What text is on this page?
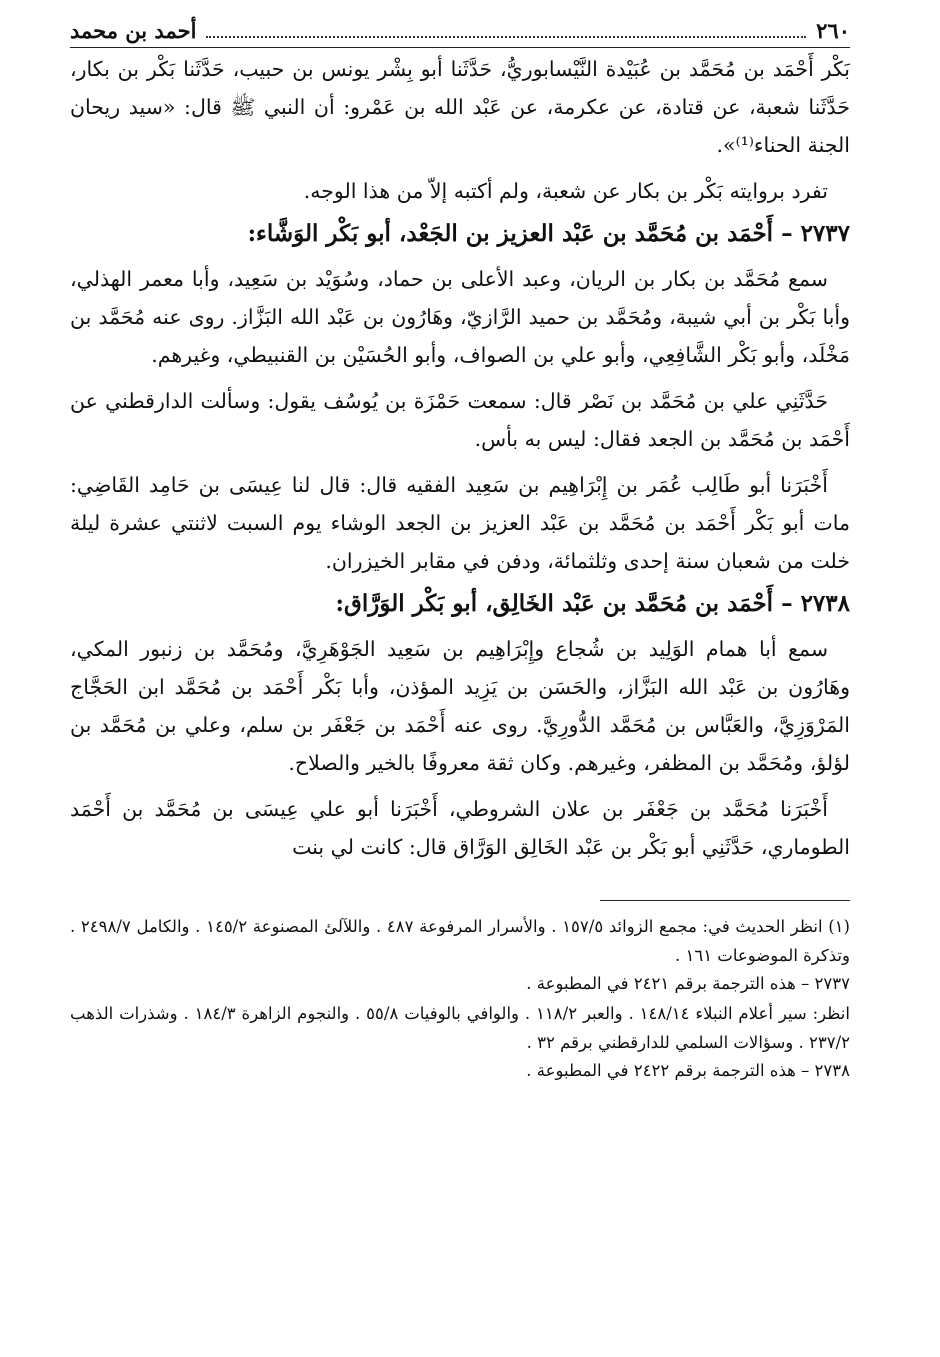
٢٦٠
أحمد بن محمد

بَكْر أَحْمَد بن مُحَمَّد بن عُبَيْدة النَّيْسابوريُّ، حَدَّثَنا أبو بِشْر يونس بن حبيب، حَدَّثَنا بَكْر بن بكار، حَدَّثَنا شعبة، عن قتادة، عن عكرمة، عن عَبْد الله بن عَمْرو: أن النبي ﷺ قال: «سيد ريحان الجنة الحناء⁽¹⁾».

تفرد بروايته بَكْر بن بكار عن شعبة، ولم أكتبه إلاّ من هذا الوجه.

٢٧٣٧ – أَحْمَد بن مُحَمَّد بن عَبْد العزيز بن الجَعْد، أبو بَكْر الوَشَّاء:

سمع مُحَمَّد بن بكار بن الريان، وعبد الأعلى بن حماد، وسُوَيْد بن سَعِيد، وأبا معمر الهذلي، وأبا بَكْر بن أبي شيبة، ومُحَمَّد بن حميد الرَّازيّ، وهَارُون بن عَبْد الله البَزَّاز. روى عنه مُحَمَّد بن مَخْلَد، وأبو بَكْر الشَّافِعِي، وأبو علي بن الصواف، وأبو الحُسَيْن بن القنبيطي، وغيرهم.

حَدَّثَنِي علي بن مُحَمَّد بن نَصْر قال: سمعت حَمْزَة بن يُوسُف يقول: وسألت الدارقطني عن أَحْمَد بن مُحَمَّد بن الجعد فقال: ليس به بأس.

أَخْبَرَنا أبو طَالِب عُمَر بن إِبْرَاهِيم بن سَعِيد الفقيه قال: قال لنا عِيسَى بن حَامِد القَاضِي: مات أبو بَكْر أَحْمَد بن مُحَمَّد بن عَبْد العزيز بن الجعد الوشاء يوم السبت لاثنتي عشرة ليلة خلت من شعبان سنة إحدى وثلثمائة، ودفن في مقابر الخيزران.

٢٧٣٨ – أَحْمَد بن مُحَمَّد بن عَبْد الخَالِق، أبو بَكْر الوَرَّاق:

سمع أبا همام الوَلِيد بن شُجاع وإِبْرَاهِيم بن سَعِيد الجَوْهَرِيَّ، ومُحَمَّد بن زنبور المكي، وهَارُون بن عَبْد الله البَزَّاز، والحَسَن بن يَزِيد المؤذن، وأبا بَكْر أَحْمَد بن مُحَمَّد ابن الحَجَّاج المَرْوَزِيَّ، والعَبَّاس بن مُحَمَّد الدُّورِيَّ. روى عنه أَحْمَد بن جَعْفَر بن سلم، وعلي بن مُحَمَّد بن لؤلؤ، ومُحَمَّد بن المظفر، وغيرهم. وكان ثقة معروفًا بالخير والصلاح.

أَخْبَرَنا مُحَمَّد بن جَعْفَر بن علان الشروطي، أَخْبَرَنا أبو علي عِيسَى بن مُحَمَّد بن أَحْمَد الطوماري، حَدَّثَنِي أبو بَكْر بن عَبْد الخَالِق الوَرَّاق قال: كانت لي بنت

(١) انظر الحديث في: مجمع الزوائد ١٥٧/٥ . والأسرار المرفوعة ٤٨٧ . واللآلئ المصنوعة ١٤٥/٢ . والكامل ٢٤٩٨/٧ . وتذكرة الموضوعات ١٦١ .

٢٧٣٧ – هذه الترجمة برقم ٢٤٢١ في المطبوعة .

انظر: سير أعلام النبلاء ١٤٨/١٤ . والعبر ١١٨/٢ . والوافي بالوفيات ٥٥/٨ . والنجوم الزاهرة ١٨٤/٣ . وشذرات الذهب ٢٣٧/٢ . وسؤالات السلمي للدارقطني برقم ٣٢ .

٢٧٣٨ – هذه الترجمة برقم ٢٤٢٢ في المطبوعة .
